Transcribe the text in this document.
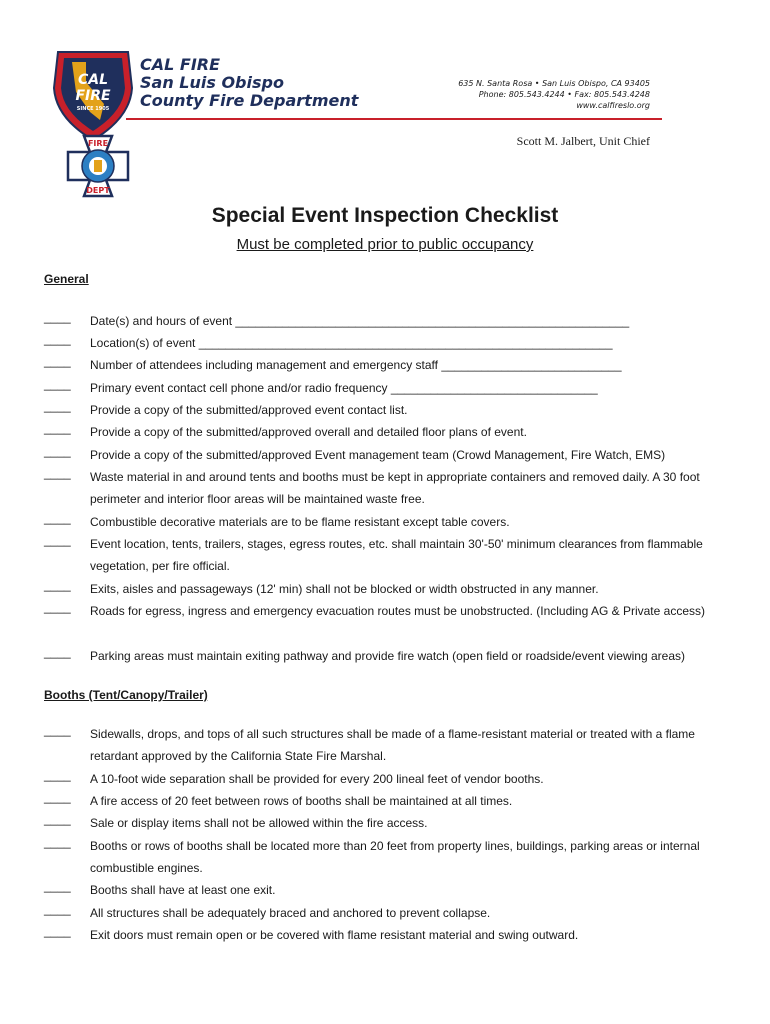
CAL
FIRE
SINCE 1905
FIRE
DEPT
CAL FIRE
San Luis Obispo
County Fire Department
635 N. Santa Rosa • San Luis Obispo, CA 93405
Phone: 805.543.4244 • Fax: 805.543.4248
www.calfireslo.org
Scott M. Jalbert, Unit Chief
Special Event Inspection Checklist
Must be completed prior to public occupancy
General
____ Date(s) and hours of event ___________________________________________________________
____ Location(s) of event ______________________________________________________________
____ Number of attendees including management and emergency staff ___________________________
____ Primary event contact cell phone and/or radio frequency _______________________________
____ Provide a copy of the submitted/approved event contact list.
____ Provide a copy of the submitted/approved overall and detailed floor plans of event.
____ Provide a copy of the submitted/approved Event management team (Crowd Management, Fire Watch, EMS)
____ Waste material in and around tents and booths must be kept in appropriate containers and removed daily. A 30 foot perimeter and interior floor areas will be maintained waste free.
____ Combustible decorative materials are to be flame resistant except table covers.
____ Event location, tents, trailers, stages, egress routes, etc. shall maintain 30'-50' minimum clearances from flammable vegetation, per fire official.
____ Exits, aisles and passageways (12' min) shall not be blocked or width obstructed in any manner.
____ Roads for egress, ingress and emergency evacuation routes must be unobstructed. (Including AG & Private access)
____ Parking areas must maintain exiting pathway and provide fire watch (open field or roadside/event viewing areas)
Booths (Tent/Canopy/Trailer)
____ Sidewalls, drops, and tops of all such structures shall be made of a flame-resistant material or treated with a flame retardant approved by the California State Fire Marshal.
____ A 10-foot wide separation shall be provided for every 200 lineal feet of vendor booths.
____ A fire access of 20 feet between rows of booths shall be maintained at all times.
____ Sale or display items shall not be allowed within the fire access.
____ Booths or rows of booths shall be located more than 20 feet from property lines, buildings, parking areas or internal combustible engines.
____ Booths shall have at least one exit.
____ All structures shall be adequately braced and anchored to prevent collapse.
____ Exit doors must remain open or be covered with flame resistant material and swing outward.
